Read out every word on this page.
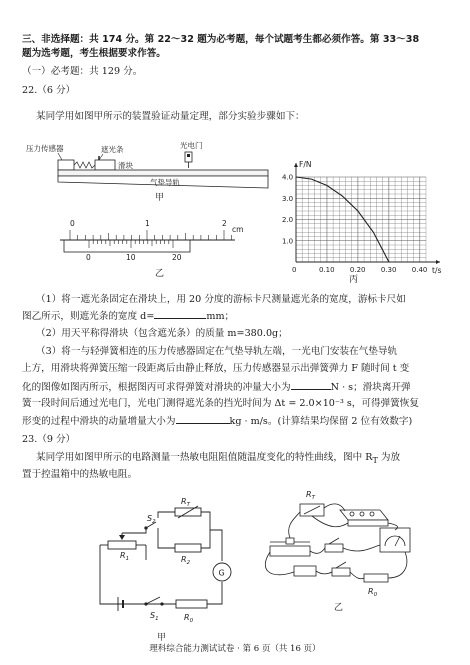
三、非选择题：共 174 分。第 22～32 题为必考题，每个试题考生都必须作答。第 33～38
题为选考题，考生根据要求作答。
（一）必考题：共 129 分。
22.（6 分）
某同学用如图甲所示的装置验证动量定理，部分实验步骤如下：
压力传感器	遮光条	光电门
滑块
气垫导轨
甲
0	1	2
cm
0	10	20
乙	0	0.10 0.20 0.30 0.40
1.0
2.0
3.0
4.0
F/N
t/s
丙
（1）将一遮光条固定在滑块上，用 20 分度的游标卡尺测量遮光条的宽度，游标卡尺如
图乙所示，则遮光条的宽度 d=	mm；
（2）用天平称得滑块（包含遮光条）的质量 m=380.0g；
（3）将一与轻弹簧相连的压力传感器固定在气垫导轨左端，一光电门安装在气垫导轨
上方，用滑块将弹簧压缩一段距离后由静止释放，压力传感器显示出弹簧弹力 F 随时间 t 变
化的图像如图丙所示，根据图丙可求得弹簧对滑块的冲量大小为	N · s；滑块离开弹
簧一段时间后通过光电门，光电门测得遮光条的挡光时间为 Δt = 2.0×10⁻³ s，可得弹簧恢复
形变的过程中滑块的动量增量大小为	kg · m/s。(计算结果均保留 2 位有效数字)
23.（9 分）
某同学用如图甲所示的电路测量一热敏电阻阻值随温度变化的特性曲线，图中 $R_T$ 为放
置于控温箱中的热敏电阻。
G
$R_T$
$S_2$
$R_1$	$R_2$
$S_1$	$R_0$
甲
$R_T$
$R_0$
乙
理科综合能力测试试卷 · 第 6 页（共 16 页）
